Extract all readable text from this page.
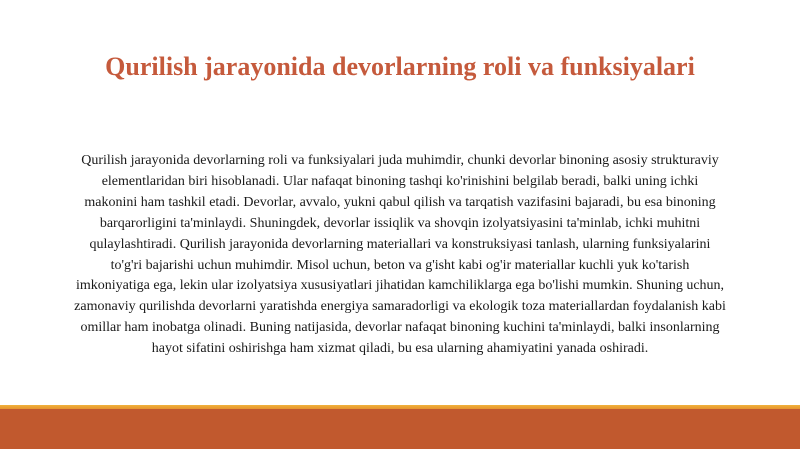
Qurilish jarayonida devorlarning roli va funksiyalari

Qurilish jarayonida devorlarning roli va funksiyalari juda muhimdir, chunki devorlar binoning asosiy strukturaviy elementlaridan biri hisoblanadi. Ular nafaqat binoning tashqi ko'rinishini belgilab beradi, balki uning ichki makonini ham tashkil etadi. Devorlar, avvalo, yukni qabul qilish va tarqatish vazifasini bajaradi, bu esa binoning barqarorligini ta'minlaydi. Shuningdek, devorlar issiqlik va shovqin izolyatsiyasini ta'minlab, ichki muhitni qulaylashtiradi. Qurilish jarayonida devorlarning materiallari va konstruksiyasi tanlash, ularning funksiyalarini to'g'ri bajarishi uchun muhimdir. Misol uchun, beton va g'isht kabi og'ir materiallar kuchli yuk ko'tarish imkoniyatiga ega, lekin ular izolyatsiya xususiyatlari jihatidan kamchiliklarga ega bo'lishi mumkin. Shuning uchun, zamonaviy qurilishda devorlarni yaratishda energiya samaradorligi va ekologik toza materiallardan foydalanish kabi omillar ham inobatga olinadi. Buning natijasida, devorlar nafaqat binoning kuchini ta'minlaydi, balki insonlarning hayot sifatini oshirishga ham xizmat qiladi, bu esa ularning ahamiyatini yanada oshiradi.
